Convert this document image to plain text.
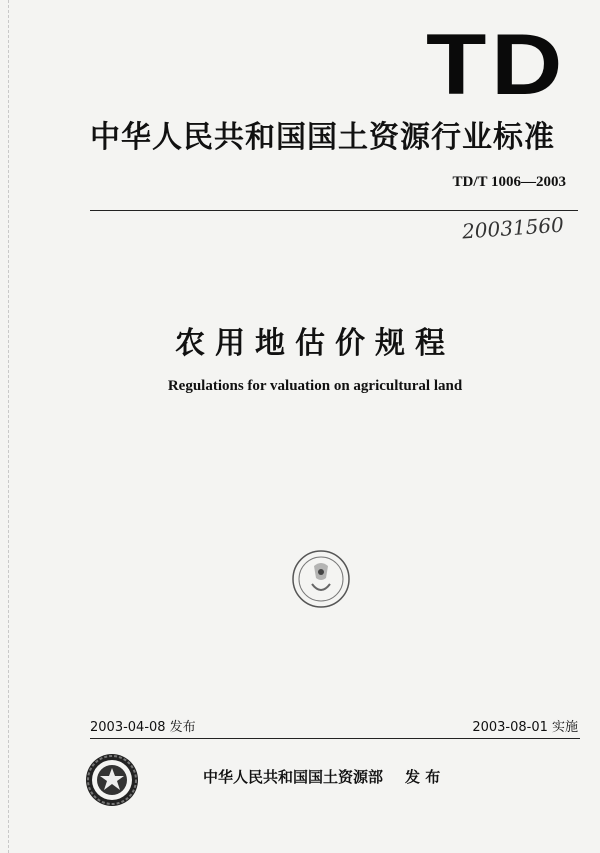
TD
中华人民共和国国土资源行业标准
TD/T 1006—2003
20031560
农用地估价规程
Regulations for valuation on agricultural land
2003-04-08 发布	2003-08-01 实施
中华人民共和国国土资源部 发 布
